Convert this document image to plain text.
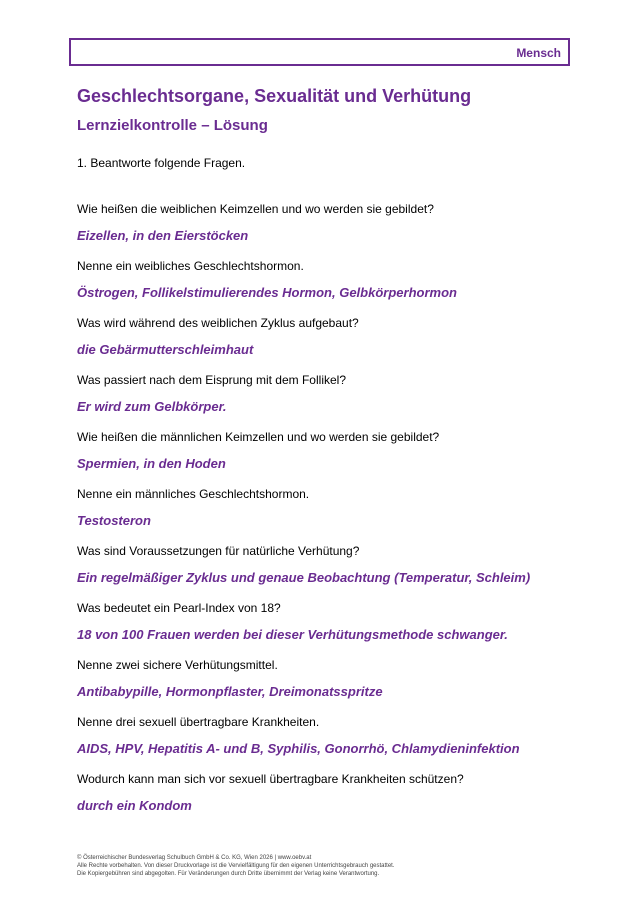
Mensch
Geschlechtsorgane, Sexualität und Verhütung
Lernzielkontrolle – Lösung
1. Beantworte folgende Fragen.
Wie heißen die weiblichen Keimzellen und wo werden sie gebildet?
Eizellen, in den Eierstöcken
Nenne ein weibliches Geschlechtshormon.
Östrogen, Follikelstimulierendes Hormon, Gelbkörperhormon
Was wird während des weiblichen Zyklus aufgebaut?
die Gebärmutterschleimhaut
Was passiert nach dem Eisprung mit dem Follikel?
Er wird zum Gelbkörper.
Wie heißen die männlichen Keimzellen und wo werden sie gebildet?
Spermien, in den Hoden
Nenne ein männliches Geschlechtshormon.
Testosteron
Was sind Voraussetzungen für natürliche Verhütung?
Ein regelmäßiger Zyklus und genaue Beobachtung (Temperatur, Schleim)
Was bedeutet ein Pearl-Index von 18?
18 von 100 Frauen werden bei dieser Verhütungsmethode schwanger.
Nenne zwei sichere Verhütungsmittel.
Antibabypille, Hormonpflaster, Dreimonatsspritze
Nenne drei sexuell übertragbare Krankheiten.
AIDS, HPV, Hepatitis A- und B, Syphilis, Gonorrhö, Chlamydieninfektion
Wodurch kann man sich vor sexuell übertragbare Krankheiten schützen?
durch ein Kondom
© Österreichischer Bundesverlag Schulbuch GmbH & Co. KG, Wien 2026 | www.oebv.at
Alle Rechte vorbehalten. Von dieser Druckvorlage ist die Vervielfältigung für den eigenen Unterrichtsgebrauch gestattet.
Die Kopiergebühren sind abgegolten. Für Veränderungen durch Dritte übernimmt der Verlag keine Verantwortung.
